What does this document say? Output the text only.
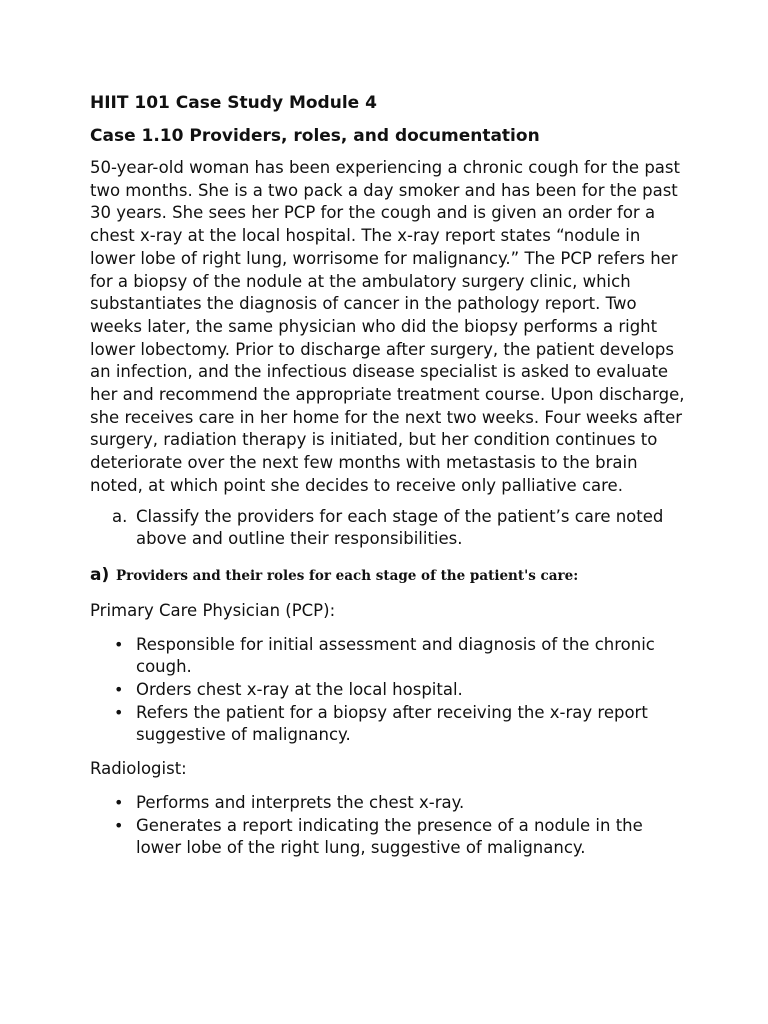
HIIT 101 Case Study Module 4
Case 1.10 Providers, roles, and documentation

50-year-old woman has been experiencing a chronic cough for the past two months. She is a two pack a day smoker and has been for the past 30 years. She sees her PCP for the cough and is given an order for a chest x-ray at the local hospital. The x-ray report states “nodule in lower lobe of right lung, worrisome for malignancy.” The PCP refers her for a biopsy of the nodule at the ambulatory surgery clinic, which substantiates the diagnosis of cancer in the pathology report. Two weeks later, the same physician who did the biopsy performs a right lower lobectomy. Prior to discharge after surgery, the patient develops an infection, and the infectious disease specialist is asked to evaluate her and recommend the appropriate treatment course. Upon discharge, she receives care in her home for the next two weeks. Four weeks after surgery, radiation therapy is initiated, but her condition continues to deteriorate over the next few months with metastasis to the brain noted, at which point she decides to receive only palliative care.

a. Classify the providers for each stage of the patient’s care noted above and outline their responsibilities.
a) Providers and their roles for each stage of the patient's care:

Primary Care Physician (PCP):

• Responsible for initial assessment and diagnosis of the chronic cough.
• Orders chest x-ray at the local hospital.
• Refers the patient for a biopsy after receiving the x-ray report suggestive of malignancy.

Radiologist:

• Performs and interprets the chest x-ray.
• Generates a report indicating the presence of a nodule in the lower lobe of the right lung, suggestive of malignancy.
